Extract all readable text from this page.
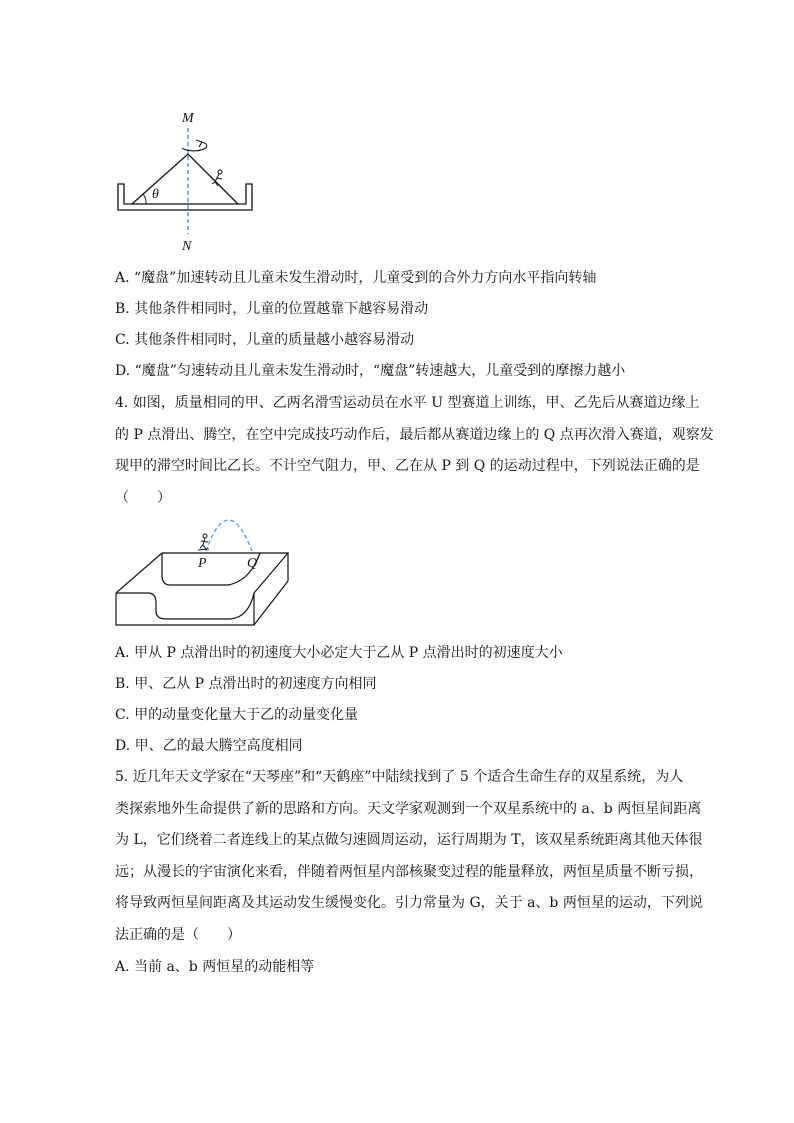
M
N
θ
A. “魔盘”加速转动且儿童未发生滑动时，儿童受到的合外力方向水平指向转轴
B. 其他条件相同时，儿童的位置越靠下越容易滑动
C. 其他条件相同时，儿童的质量越小越容易滑动
D. “魔盘”匀速转动且儿童未发生滑动时，“魔盘”转速越大，儿童受到的摩擦力越小
4. 如图，质量相同的甲、乙两名滑雪运动员在水平 U 型赛道上训练，甲、乙先后从赛道边缘上
的 P 点滑出、腾空，在空中完成技巧动作后，最后都从赛道边缘上的 Q 点再次滑入赛道，观察发
现甲的滞空时间比乙长。不计空气阻力，甲、乙在从 P 到 Q 的运动过程中，下列说法正确的是
（　　）
P	Q
A. 甲从 P 点滑出时的初速度大小必定大于乙从 P 点滑出时的初速度大小
B. 甲、乙从 P 点滑出时的初速度方向相同
C. 甲的动量变化量大于乙的动量变化量
D. 甲、乙的最大腾空高度相同
5. 近几年天文学家在“天琴座”和“天鹤座”中陆续找到了 5 个适合生命生存的双星系统，为人
类探索地外生命提供了新的思路和方向。天文学家观测到一个双星系统中的 a、b 两恒星间距离
为 L，它们绕着二者连线上的某点做匀速圆周运动，运行周期为 T，该双星系统距离其他天体很
远；从漫长的宇宙演化来看，伴随着两恒星内部核聚变过程的能量释放，两恒星质量不断亏损，
将导致两恒星间距离及其运动发生缓慢变化。引力常量为 G，关于 a、b 两恒星的运动，下列说
法正确的是（　　）
A. 当前 a、b 两恒星的动能相等
